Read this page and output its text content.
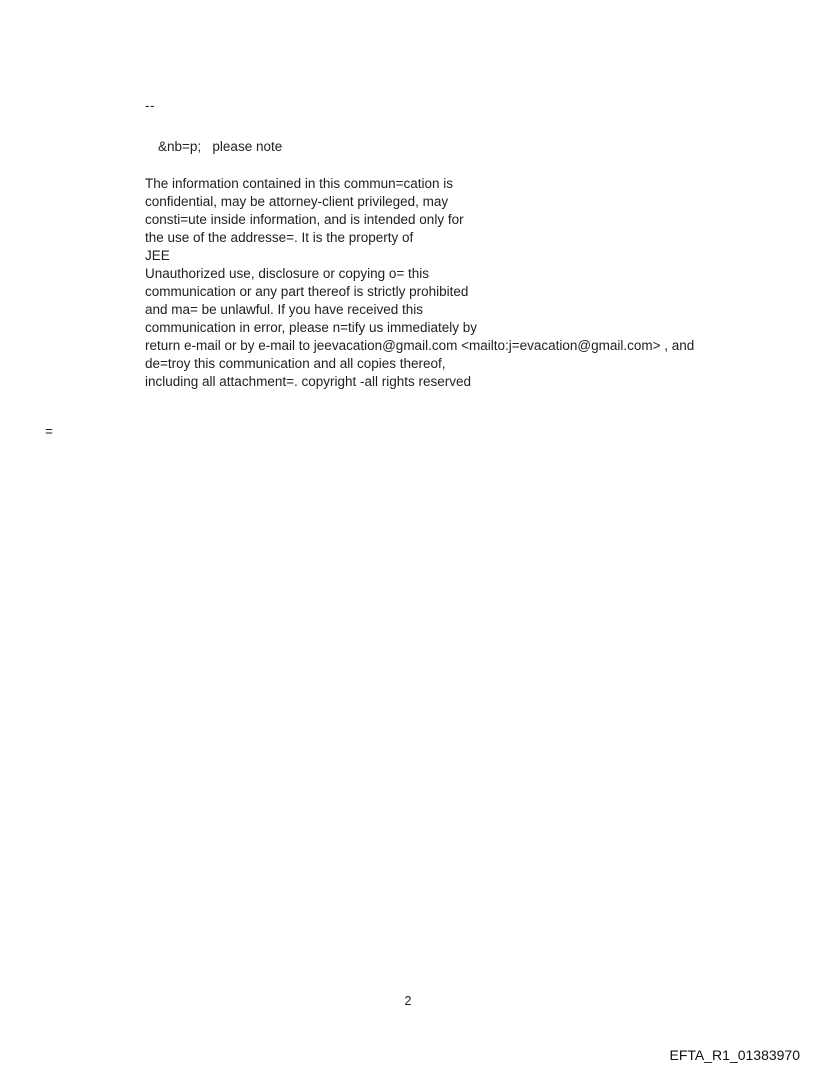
--
&nb=p;   please note
The information contained in this commun=cation is
confidential, may be attorney-client privileged, may
consti=ute inside information, and is intended only for
the use of the addresse=. It is the property of
JEE
Unauthorized use, disclosure or copying o= this
communication or any part thereof is strictly prohibited
and ma= be unlawful. If you have received this
communication in error, please n=tify us immediately by
return e-mail or by e-mail to jeevacation@gmail.com <mailto:j=evacation@gmail.com> , and
de=troy this communication and all copies thereof,
including all attachment=. copyright -all rights reserved
=
2
EFTA_R1_01383970
